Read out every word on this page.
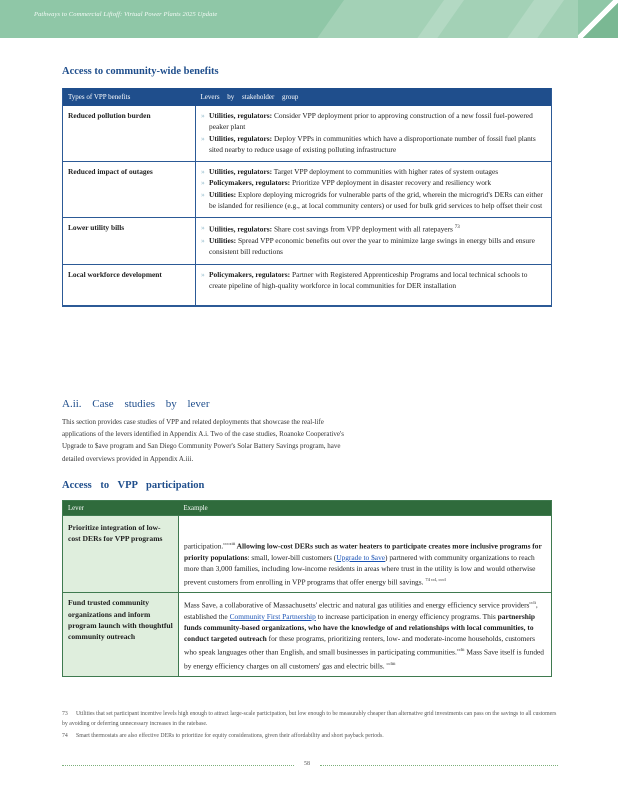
Pathways to Commercial Liftoff: Virtual Power Plants 2025 Update
Access to community-wide benefits
Types of VPP benefits	Levers by stakeholder group
Reduced pollution burden	» Utilities, regulators: Consider VPP deployment prior to approving construction of a new fossil fuel-powered peaker plant
» Utilities, regulators: Deploy VPPs in communities which have a disproportionate number of fossil fuel plants sited nearby to reduce usage of existing polluting infrastructure

Reduced impact of outages	» Utilities, regulators: Target VPP deployment to communities with higher rates of system outages
» Policymakers, regulators: Prioritize VPP deployment in disaster recovery and resiliency work
» Utilities: Explore deploying microgrids for vulnerable parts of the grid, wherein the microgrid's DERs can either be islanded for resilience (e.g., at local community centers) or used for bulk grid services to help offset their cost

Lower utility bills	» Utilities, regulators: Share cost savings from VPP deployment with all ratepayers $^{73}$
» Utilities: Spread VPP economic benefits out over the year to minimize large swings in energy bills and ensure consistent bill reductions

Local workforce development	» Policymakers, regulators: Partner with Registered Apprenticeship Programs and local technical schools to create pipeline of high-quality workforce in local communities for DER installation
A.ii. Case studies by lever
This section provides case studies of VPP and related deployments that showcase the real-life applications of the levers identified in Appendix A.i. Two of the case studies, Roanoke Cooperative's Upgrade to $ave program and San Diego Community Power's Solar Battery Savings program, have detailed overviews provided in Appendix A.iii.
Access to VPP participation
Lever	Example
Prioritize integration of low-cost DERs for VPP programs	participation.$^{cccxiii}$ Allowing low-cost DERs such as water heaters to participate creates more inclusive programs for priority populations: small, lower-bill customers (Upgrade to $ave) partnered with community organizations to reach more than 3,000 families, including low-income residents in areas where trust in the utility is low and would otherwise prevent customers from enrolling in VPP programs that offer energy bill savings. $^{74 ccl, cccl}$
Fund trusted community organizations and inform program launch with thoughtful community outreach	Mass Save, a collaborative of Massachusetts' electric and natural gas utilities and energy efficiency service providers$^{ccli}$, established the Community First Partnership to increase participation in energy efficiency programs. This partnership funds community-based organizations, who have the knowledge of and relationships with local communities, to conduct targeted outreach for these programs, prioritizing renters, low- and moderate-income households, customers who speak languages other than English, and small businesses in participating communities.$^{cclii}$ Mass Save itself is funded by energy efficiency charges on all customers' gas and electric bills. $^{ccliii}$
73 Utilities that set participant incentive levels high enough to attract large-scale participation, but low enough to be measurably cheaper than alternative grid investments can pass on the savings to all customers by avoiding or deferring unnecessary increases in the ratebase.
74 Smart thermostats are also effective DERs to prioritize for equity considerations, given their affordability and short payback periods.
58
